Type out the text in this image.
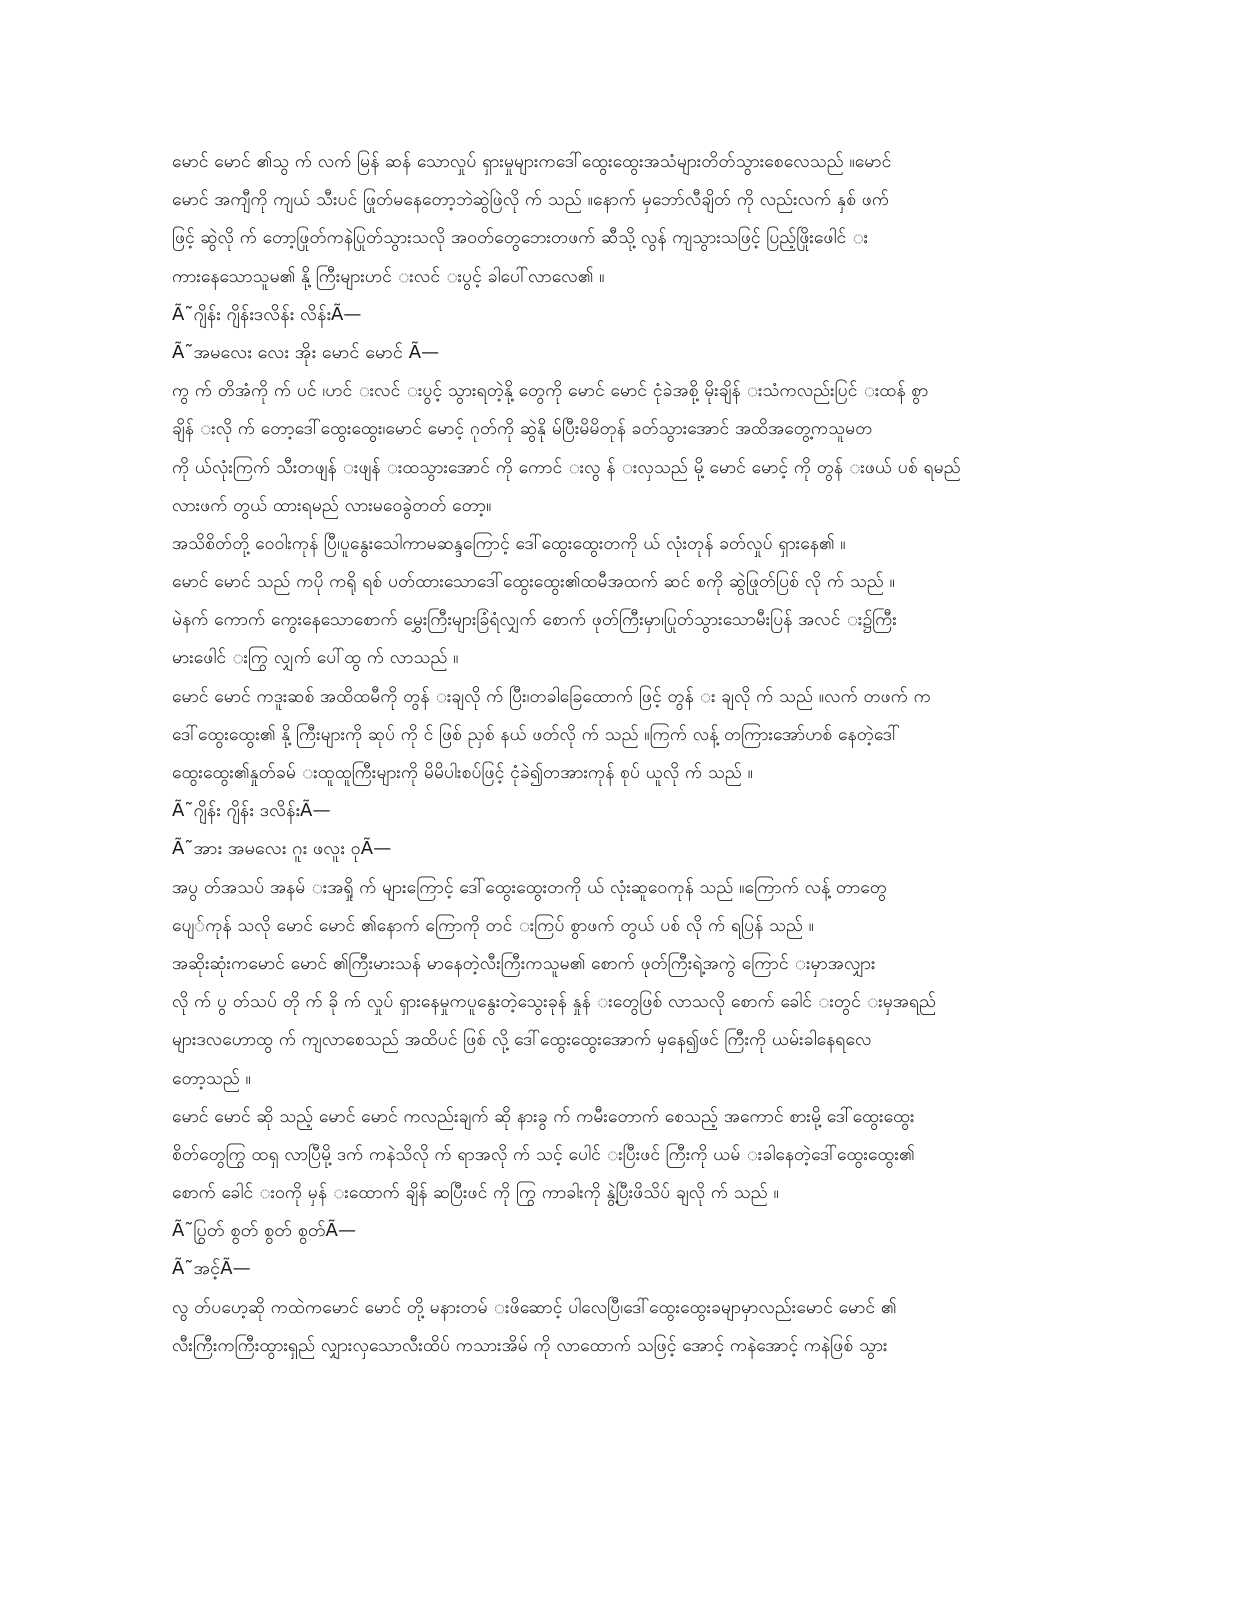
မောင် မောင် ၏သွ က် လက် မြန် ဆန် သောလှုပ် ရှားမှုများကဒေါ်ထွေးထွေးအသံများတိတ်သွားစေလေသည် ။မောင်
မောင် အကျီကို ကျယ် သီးပင် ဖြုတ်မနေတော့ဘဲဆွဲဖြဲလို က် သည် ။နောက် မှဘော်လီချိတ် ကို လည်းလက် နှစ် ဖက်
ဖြင့် ဆွဲလို က် တော့ဖြုတ်ကနဲပြုတ်သွားသလို အဝတ်တွေဘေးတဖက် ဆီသို့ လွန် ကျသွားသဖြင့် ပြည့်ဖြိုးဖေါင် း
ကားနေသောသူမ၏ နို့ ကြီးများဟင် းလင် းပွင့် ခါပေါ်လာလေ၏ ။
Ã˜ဂျိန်း ဂျိန်းဒလိန်း လိန်းÃ—
Ã˜အမလေး လေး အိုး မောင် မောင် Ã—
ကွ က် တိအံကို က် ပင် ၊ဟင် းလင် းပွင့် သွားရတဲ့နို့ တွေကို မောင် မောင် ငုံခဲအစို့ မိုးချိန် းသံကလည်းပြင် းထန် စွာ
ချိန် းလို က် တော့ဒေါ်ထွေးထွေး၊မောင် မောင့် ဂုတ်ကို ဆွဲနို မ်ပြီးမိမိတုန် ခတ်သွားအောင် အထိအတွေ့ကသူမတ
ကို ယ်လုံးကြက် သီးတဖျန် းဖျန် းထသွားအောင် ကို ကောင် းလွ န် းလှသည် မို့ မောင် မောင့် ကို တွန် းဖယ် ပစ် ရမည်
လားဖက် တွယ် ထားရမည် လားမဝေခွဲတတ် တော့။
အသိစိတ်တို့ ဝေဝါးကုန် ပြီ၊ပူနွေးသေါကာမဆန္ဒကြောင့် ဒေါ်ထွေးထွေးတကို ယ် လုံးတုန် ခတ်လှုပ် ရှားနေ၏ ။
မောင် မောင် သည် ကပို ကရို ရစ် ပတ်ထားသောဒေါ်ထွေးထွေး၏ထမီအထက် ဆင် စကို ဆွဲဖြုတ်ပြစ် လို က် သည် ။
မဲနက် ကောက် ကွေးနေသောစောက် မွှေးကြီးများခြံရံလျှက် စောက် ဖုတ်ကြီးမှာ၊ပြုတ်သွားသောမီးပြန် အလင် း၌ကြီး
မားဖေါင် းကြွ လျှက် ပေါ်ထွ က် လာသည် ။
မောင် မောင် ကဒူးဆစ် အထိထမီကို တွန် းချလို က် ပြီး၊တခါခြေထောက် ဖြင့် တွန် း ချလို က် သည် ။လက် တဖက် က
ဒေါ်ထွေးထွေး၏ နို့ ကြီးများကို ဆုပ် ကို င် ဖြစ် ညှစ် နယ် ဖတ်လို က် သည် ။ကြက် လန့် တကြားအော်ဟစ် နေတဲ့ဒေါ်
ထွေးထွေး၏နှုတ်ခမ် းထူထူကြီးများကို မိမိပါးစပ်ဖြင့် ငုံခဲ၍တအားကုန် စုပ် ယူလို က် သည် ။
Ã˜ဂျိန်း ဂျိန်း ဒလိန်းÃ—
Ã˜အား အမလေး ဂူး ဖလူး ဝုÃ—
အပွ တ်အသပ် အနမ် းအရှို က် များကြောင့် ဒေါ်ထွေးထွေးတကို ယ် လုံးဆူဝေကုန် သည် ။ကြောက် လန့် တာတွေ
ပျေ်ကုန် သလို မောင် မောင် ၏နောက် ကြောကို တင် းကြပ် စွာဖက် တွယ် ပစ် လို က် ရပြန် သည် ။
အဆိုးဆုံးကမောင် မောင် ၏ကြီးမားသန် မာနေတဲ့လီးကြီးကသူမ၏ စောက် ဖုတ်ကြီးရဲ့အကွဲ ကြောင် းမှာအလျှား
လို က် ပွ တ်သပ် တို က် ခို က် လှုပ် ရှားနေမှုကပူနွေးတဲ့သွေးခုန် နှုန် းတွေဖြစ် လာသလို စောက် ခေါင် းတွင် းမှအရည်
များဒလဟောထွ က် ကျလာစေသည် အထိပင် ဖြစ် လို့ ဒေါ်ထွေးထွေးအောက် မှနေ၍ဖင် ကြီးကို ယမ်းခါနေရလေ
တော့သည် ။
မောင် မောင် ဆို သည့် မောင် မောင် ကလည်းချက် ဆို နားခွ က် ကမီးတောက် စေသည့် အကောင် စားမို့ ဒေါ်ထွေးထွေး
စိတ်တွေကြွ ထရှ လာပြီမို့ ဒက် ကနဲသိလို က် ရာအလို က် သင့် ပေါင် းပြီးဖင် ကြီးကို ယမ် းခါနေတဲ့ဒေါ်ထွေးထွေး၏
စောက် ခေါင် းဝကို မှန် းထောက် ချိန် ဆပြီးဖင် ကို ကြွ ကာခါးကို နွဲ့ပြီးဖိသိပ် ချလို က် သည် ။
Ã˜ပြွတ် စွတ် စွတ် စွတ်Ã—
Ã˜အင့်Ã—
လွ တ်ပဟေ့ဆို ကထဲကမောင် မောင် တို့ မနားတမ် းဖိဆောင့် ပါလေပြီ၊ဒေါ်ထွေးထွေးခမျာမှာလည်းမောင် မောင် ၏
လီးကြီးကကြီးထွားရှည် လျှားလှသောလီးထိပ် ကသားအိမ် ကို လာထောက် သဖြင့် အောင့် ကနဲအောင့် ကနဲဖြစ် သွား
